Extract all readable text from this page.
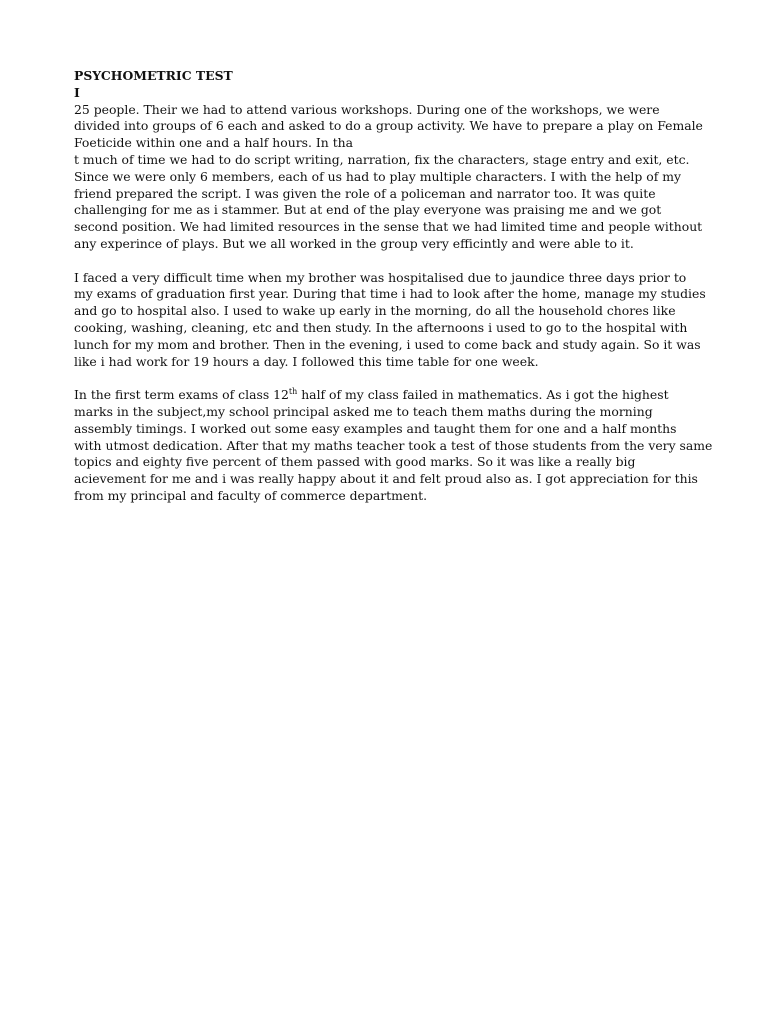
PSYCHOMETRIC TEST
I
25 people. Their we had to attend various workshops. During one of the workshops, we were
divided into groups of 6 each and asked to do a group activity. We have to prepare a play on Female
Foeticide within one and a half hours. In tha
t much of time we had to do script writing, narration, fix the characters, stage entry and exit, etc.
Since we were only 6 members, each of us had to play multiple characters. I with the help of my
friend prepared the script. I was given the role of a policeman and narrator too. It was quite
challenging for me as i stammer. But at end of the play everyone was praising me and we got
second position. We had limited resources in the sense that we had limited time and people without
any experince of plays. But we all worked in the group very efficintly and were able to it.
I faced a very difficult time when my brother was hospitalised due to jaundice three days prior to
my exams of graduation first year. During that time i had to look after the home, manage my studies
and go to hospital also. I used to wake up early in the morning, do all the household chores like
cooking, washing, cleaning, etc and then study. In the afternoons i used to go to the hospital with
lunch for my mom and brother. Then in the evening, i used to come back and study again. So it was
like i had work for 19 hours a day. I followed this time table for one week.
In the first term exams of class 12th half of my class failed in mathematics. As i got the highest
marks in the subject,my school principal asked me to teach them maths during the morning
assembly timings. I worked out some easy examples and taught them for one and a half months
with utmost dedication. After that my maths teacher took a test of those students from the very same
topics and eighty five percent of them passed with good marks. So it was like a really big
acievement for me and i was really happy about it and felt proud also as. I got appreciation for this
from my principal and faculty of commerce department.
